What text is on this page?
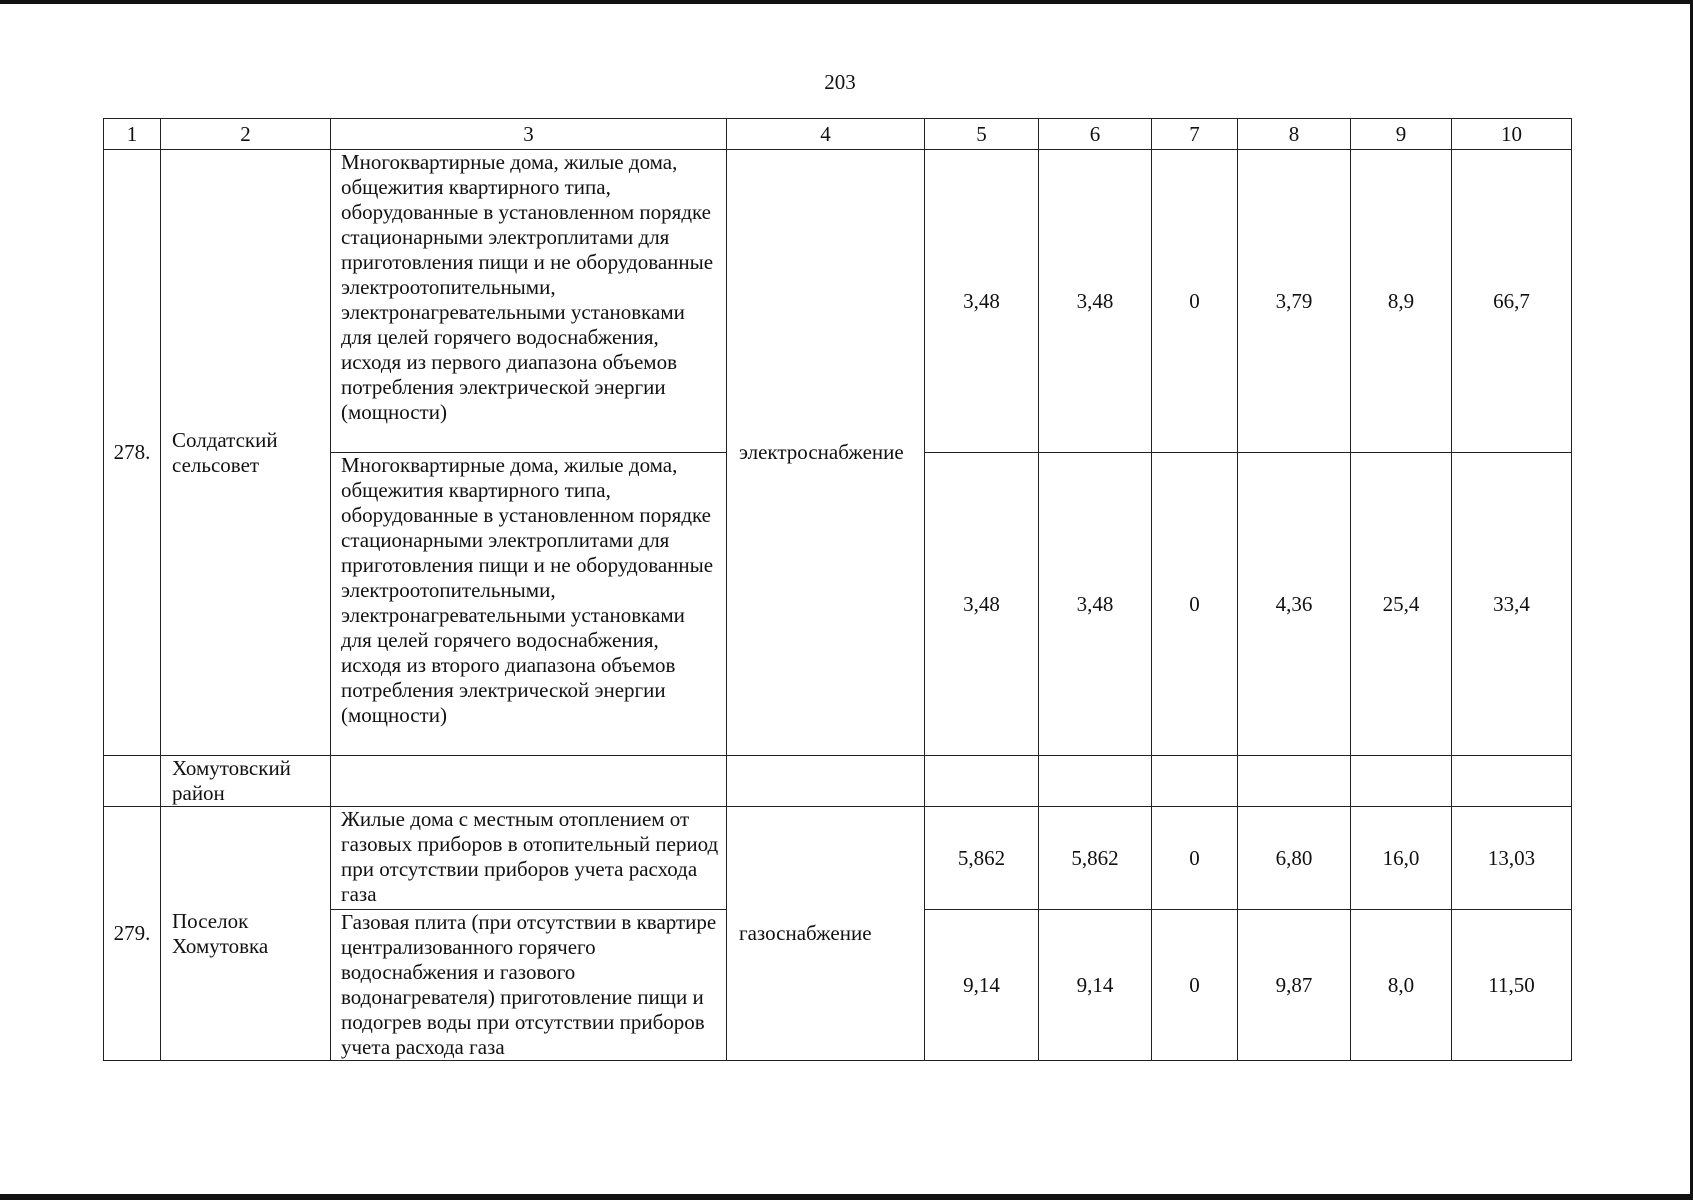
203
1	2	3	4	5	6	7	8	9	10
278.	Солдатский сельсовет	Многоквартирные дома, жилые дома, общежития квартирного типа, оборудованные в установленном порядке стационарными электроплитами для приготовления пищи и не оборудованные электроотопительными, электронагревательными установками для целей горячего водоснабжения, исходя из первого диапазона объемов потребления электрической энергии (мощности)	электроснабжение	3,48	3,48	0	3,79	8,9	66,7
		Многоквартирные дома, жилые дома, общежития квартирного типа, оборудованные в установленном порядке стационарными электроплитами для приготовления пищи и не оборудованные электроотопительными, электронагревательными установками для целей горячего водоснабжения, исходя из второго диапазона объемов потребления электрической энергии (мощности)		3,48	3,48	0	4,36	25,4	33,4
	Хомутовский район								
279.	Поселок Хомутовка	Жилые дома с местным отоплением от газовых приборов в отопительный период при отсутствии приборов учета расхода газа	газоснабжение	5,862	5,862	0	6,80	16,0	13,03
		Газовая плита (при отсутствии в квартире централизованного горячего водоснабжения и газового водонагревателя) приготовление пищи и подогрев воды при отсутствии приборов учета расхода газа		9,14	9,14	0	9,87	8,0	11,50
